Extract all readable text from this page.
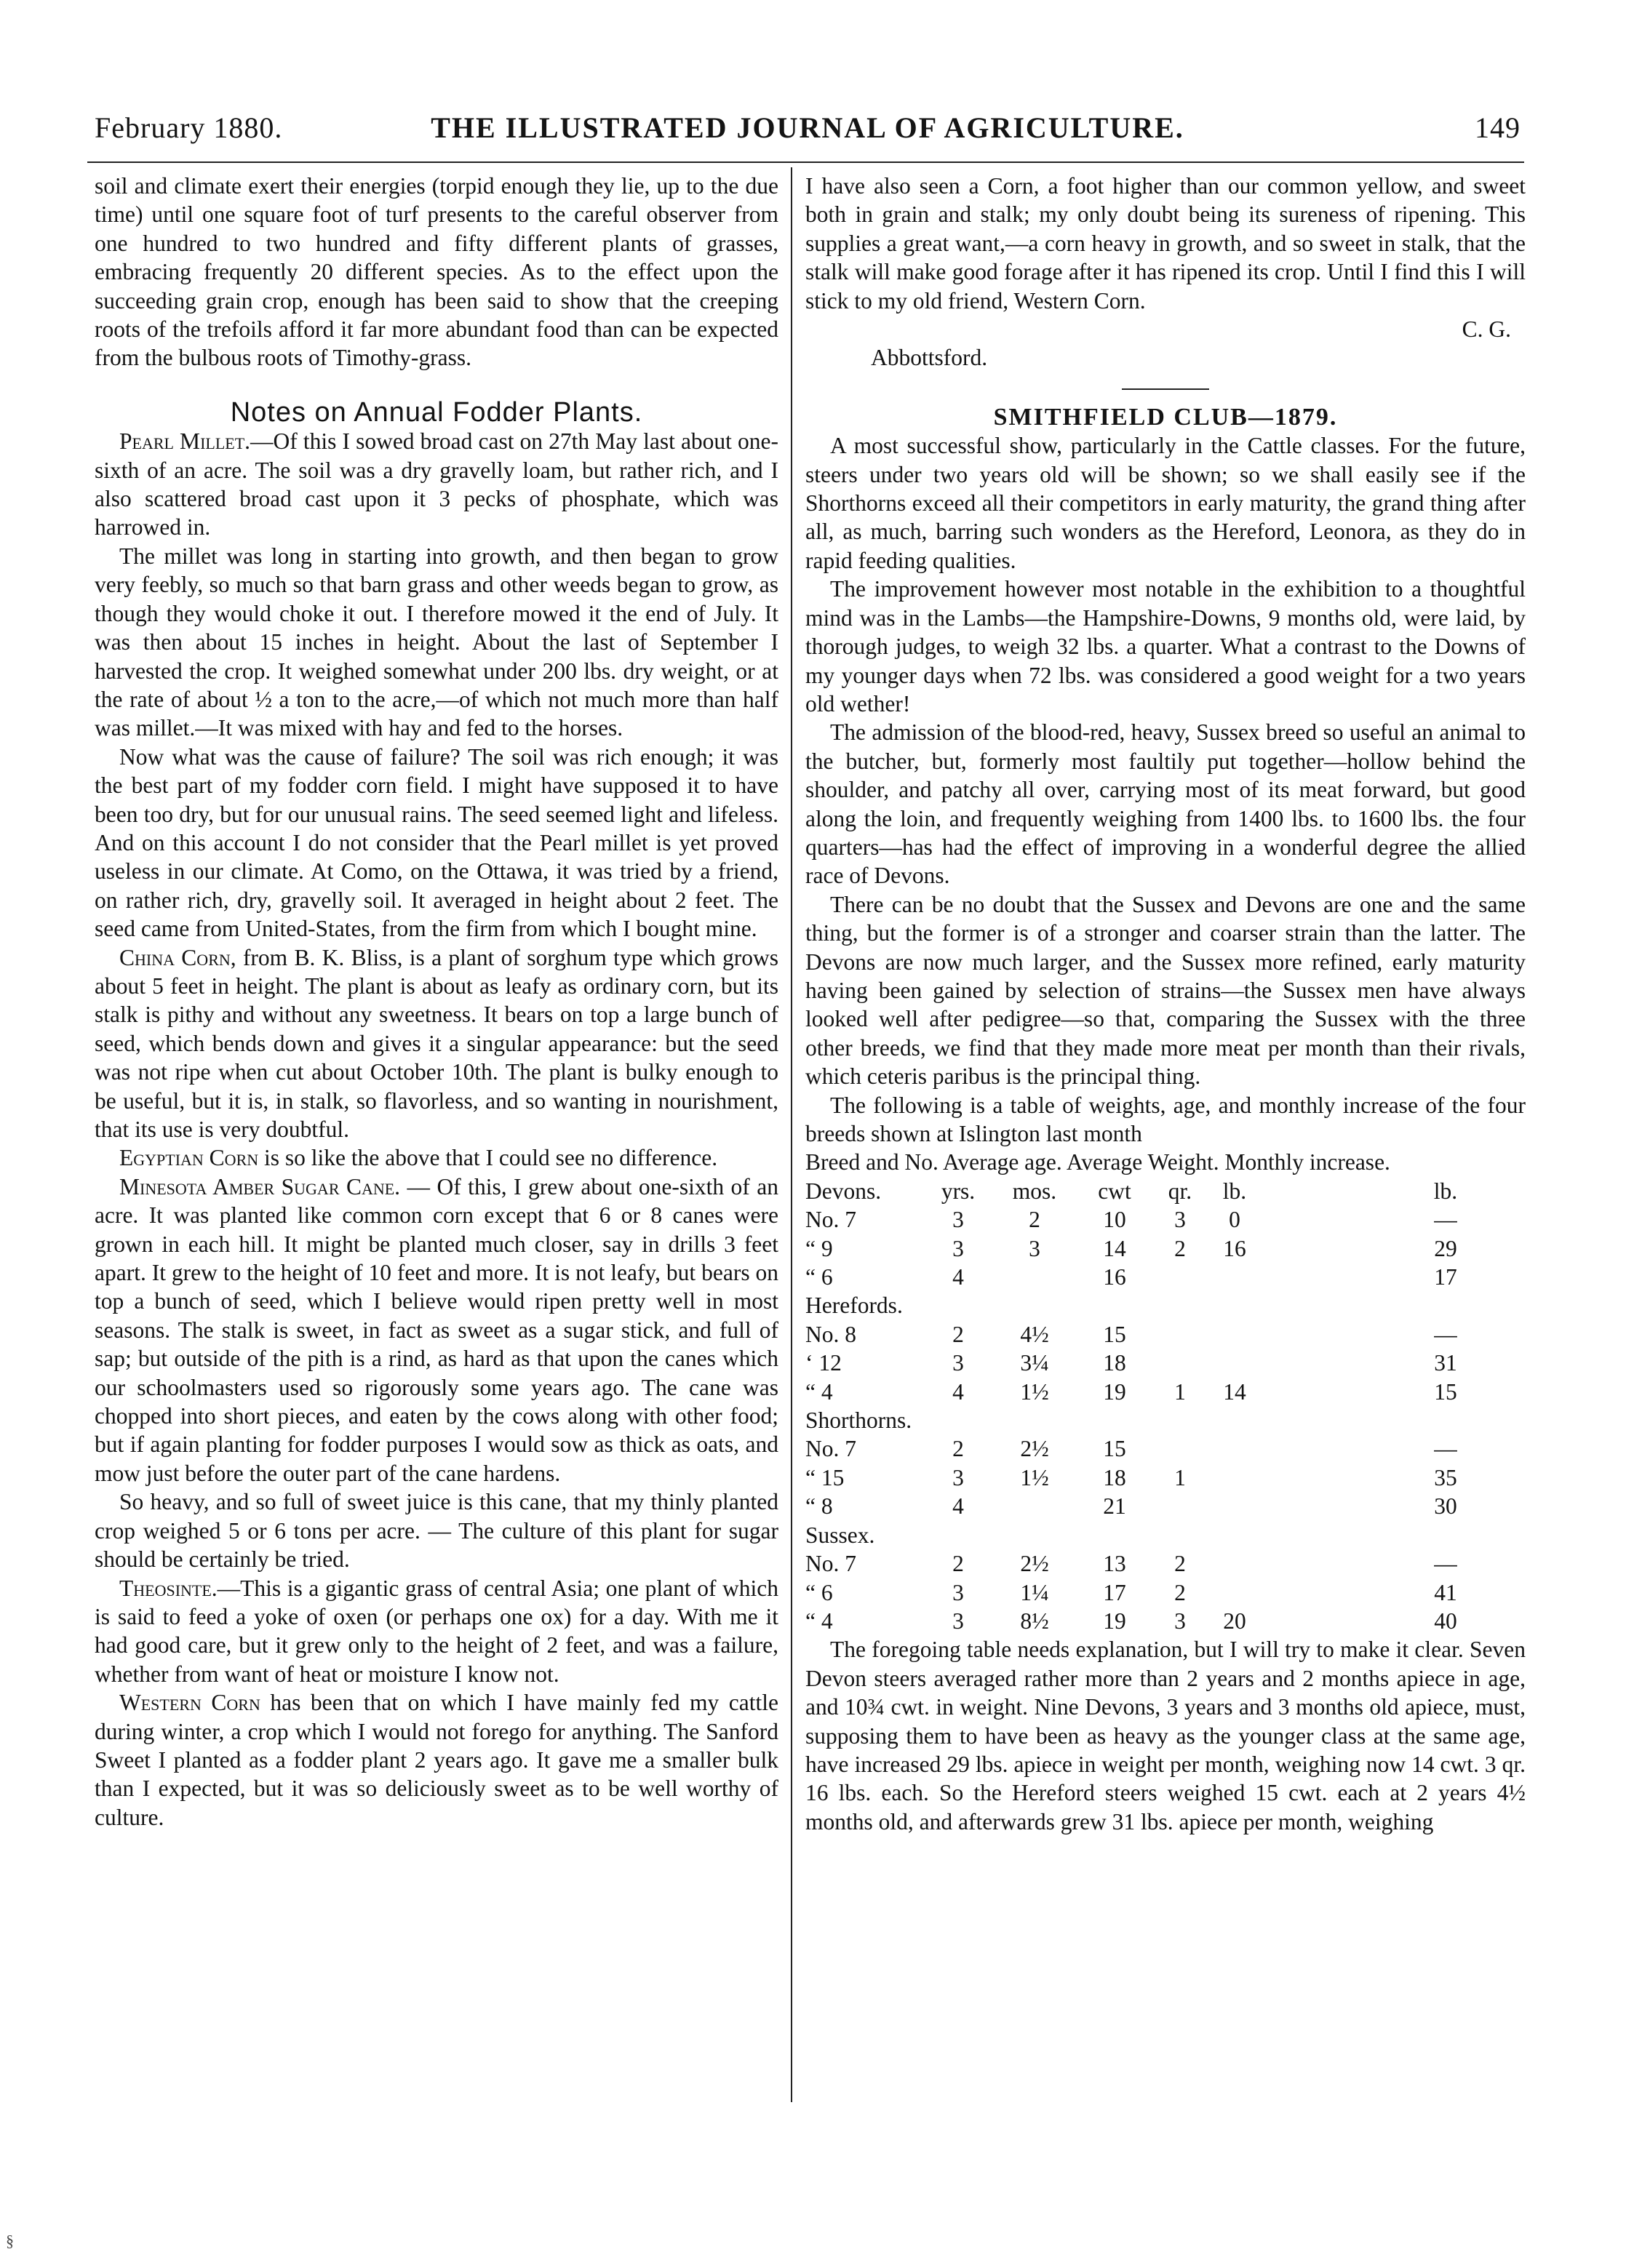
February 1880.	THE ILLUSTRATED JOURNAL OF AGRICULTURE.	149

soil and climate exert their energies (torpid enough they lie, up to the due time) until one square foot of turf presents to the careful observer from one hundred to two hundred and fifty different plants of grasses, embracing frequently 20 different species. As to the effect upon the succeeding grain crop, enough has been said to show that the creeping roots of the trefoils afford it far more abundant food than can be expected from the bulbous roots of Timothy-grass.

Notes on Annual Fodder Plants.

Pearl Millet.—Of this I sowed broad cast on 27th May last about one-sixth of an acre. The soil was a dry gravelly loam, but rather rich, and I also scattered broad cast upon it 3 pecks of phosphate, which was harrowed in.

The millet was long in starting into growth, and then began to grow very feebly, so much so that barn grass and other weeds began to grow, as though they would choke it out. I therefore mowed it the end of July. It was then about 15 inches in height. About the last of September I harvested the crop. It weighed somewhat under 200 lbs. dry weight, or at the rate of about ½ a ton to the acre,—of which not much more than half was millet.—It was mixed with hay and fed to the horses.

Now what was the cause of failure? The soil was rich enough; it was the best part of my fodder corn field. I might have supposed it to have been too dry, but for our unusual rains. The seed seemed light and lifeless. And on this account I do not consider that the Pearl millet is yet proved useless in our climate. At Como, on the Ottawa, it was tried by a friend, on rather rich, dry, gravelly soil. It averaged in height about 2 feet. The seed came from United-States, from the firm from which I bought mine.

China Corn, from B. K. Bliss, is a plant of sorghum type which grows about 5 feet in height. The plant is about as leafy as ordinary corn, but its stalk is pithy and without any sweetness. It bears on top a large bunch of seed, which bends down and gives it a singular appearance: but the seed was not ripe when cut about October 10th. The plant is bulky enough to be useful, but it is, in stalk, so flavorless, and so wanting in nourishment, that its use is very doubtful.

Egyptian Corn is so like the above that I could see no difference.

Minesota Amber Sugar Cane. — Of this, I grew about one-sixth of an acre. It was planted like common corn except that 6 or 8 canes were grown in each hill. It might be planted much closer, say in drills 3 feet apart. It grew to the height of 10 feet and more. It is not leafy, but bears on top a bunch of seed, which I believe would ripen pretty well in most seasons. The stalk is sweet, in fact as sweet as a sugar stick, and full of sap; but outside of the pith is a rind, as hard as that upon the canes which our schoolmasters used so rigorously some years ago. The cane was chopped into short pieces, and eaten by the cows along with other food; but if again planting for fodder purposes I would sow as thick as oats, and mow just before the outer part of the cane hardens.

So heavy, and so full of sweet juice is this cane, that my thinly planted crop weighed 5 or 6 tons per acre. — The culture of this plant for sugar should be certainly be tried.

Theosinte.—This is a gigantic grass of central Asia; one plant of which is said to feed a yoke of oxen (or perhaps one ox) for a day. With me it had good care, but it grew only to the height of 2 feet, and was a failure, whether from want of heat or moisture I know not.

Western Corn has been that on which I have mainly fed my cattle during winter, a crop which I would not forego for anything. The Sanford Sweet I planted as a fodder plant 2 years ago. It gave me a smaller bulk than I expected, but it was so deliciously sweet as to be well worthy of culture.

I have also seen a Corn, a foot higher than our common yellow, and sweet both in grain and stalk; my only doubt being its sureness of ripening. This supplies a great want,—a corn heavy in growth, and so sweet in stalk, that the stalk will make good forage after it has ripened its crop. Until I find this I will stick to my old friend, Western Corn.

C. G.

Abbottsford.

SMITHFIELD CLUB—1879.

A most successful show, particularly in the Cattle classes. For the future, steers under two years old will be shown; so we shall easily see if the Shorthorns exceed all their competitors in early maturity, the grand thing after all, as much, barring such wonders as the Hereford, Leonora, as they do in rapid feeding qualities.

The improvement however most notable in the exhibition to a thoughtful mind was in the Lambs—the Hampshire-Downs, 9 months old, were laid, by thorough judges, to weigh 32 lbs. a quarter. What a contrast to the Downs of my younger days when 72 lbs. was considered a good weight for a two years old wether!

The admission of the blood-red, heavy, Sussex breed so useful an animal to the butcher, but, formerly most faultily put together—hollow behind the shoulder, and patchy all over, carrying most of its meat forward, but good along the loin, and frequently weighing from 1400 lbs. to 1600 lbs. the four quarters—has had the effect of improving in a wonderful degree the allied race of Devons.

There can be no doubt that the Sussex and Devons are one and the same thing, but the former is of a stronger and coarser strain than the latter. The Devons are now much larger, and the Sussex more refined, early maturity having been gained by selection of strains—the Sussex men have always looked well after pedigree—so that, comparing the Sussex with the three other breeds, we find that they made more meat per month than their rivals, which ceteris paribus is the principal thing.

The following is a table of weights, age, and monthly increase of the four breeds shown at Islington last month

Breed and No. Average age. Average Weight. Monthly increase.						
Devons.	yrs.	mos.	cwt	qr.	lb.	lb.
No. 7	3	2	10	3	0	—
“ 9	3	3	14	2	16	29
“ 6	4		16			17
Herefords.						
No. 8	2	4½	15			—
‘ 12	3	3¼	18			31
“ 4	4	1½	19	1	14	15
Shorthorns.						
No. 7	2	2½	15			—
“ 15	3	1½	18	1		35
“ 8	4		21			30
Sussex.						
No. 7	2	2½	13	2		—
“ 6	3	1¼	17	2		41
“ 4	3	8½	19	3	20	40

The foregoing table needs explanation, but I will try to make it clear. Seven Devon steers averaged rather more than 2 years and 2 months apiece in age, and 10¾ cwt. in weight. Nine Devons, 3 years and 3 months old apiece, must, supposing them to have been as heavy as the younger class at the same age, have increased 29 lbs. apiece in weight per month, weighing now 14 cwt. 3 qr. 16 lbs. each. So the Hereford steers weighed 15 cwt. each at 2 years 4½ months old, and afterwards grew 31 lbs. apiece per month, weighing

§
